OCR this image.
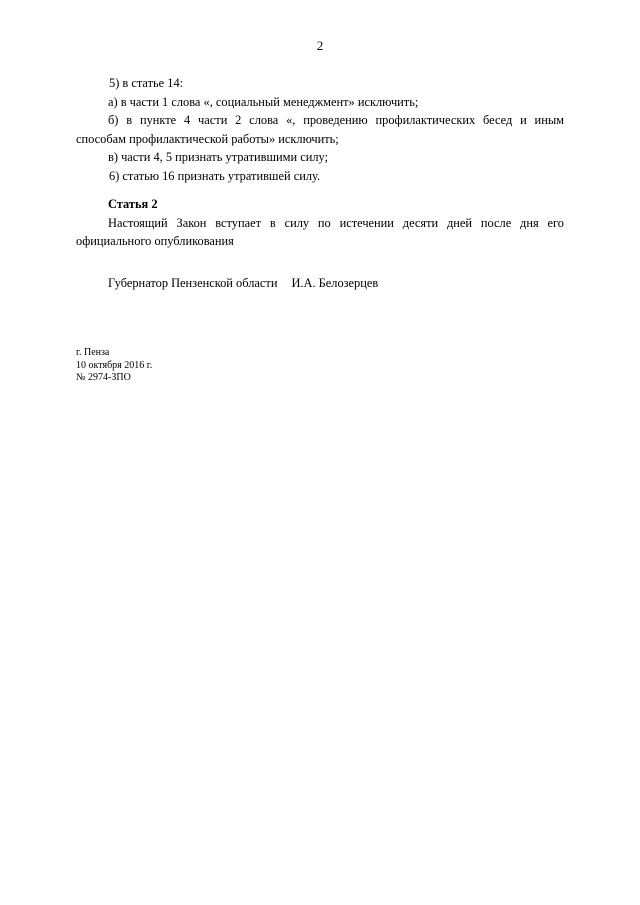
2

5) в статье 14:

а) в части 1 слова «, социальный менеджмент» исключить;

б) в пункте 4 части 2 слова «, проведению профилактических бесед и иным

способам профилактической работы» исключить;

в) части 4, 5 признать утратившими силу;

6) статью 16 признать утратившей силу.

Статья 2

Настоящий Закон вступает в силу по истечении десяти дней после дня его официального опубликования

Губернатор Пензенской области И.А. Белозерцев
г. Пенза
10 октября 2016 г.
№ 2974-ЗПО
